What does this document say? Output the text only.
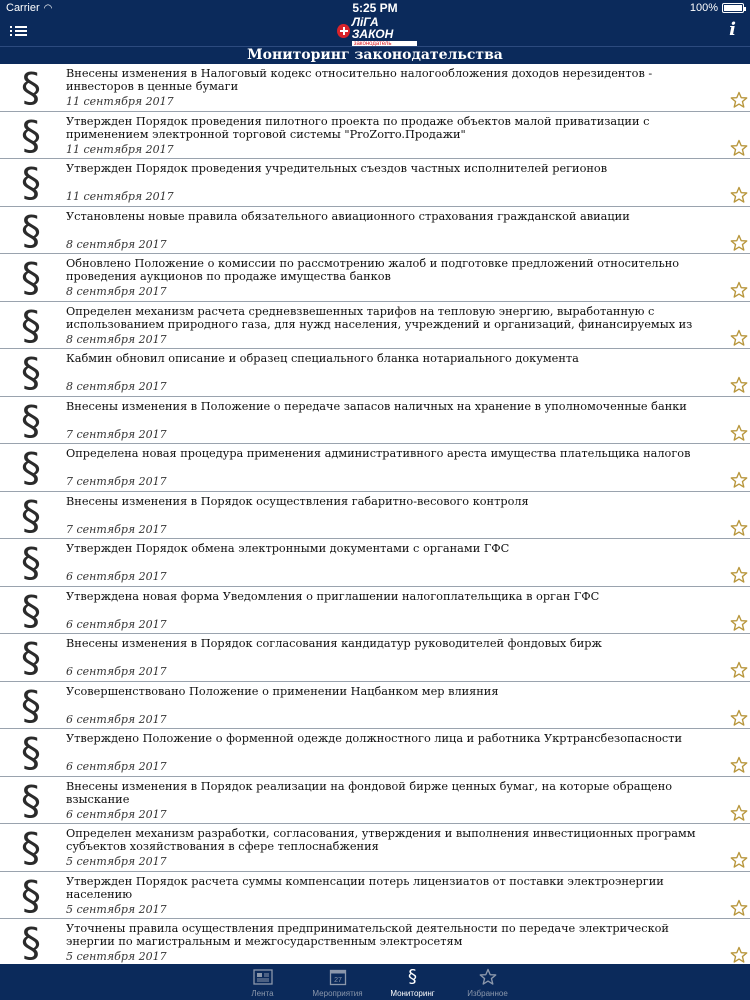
Carrier ◠	5:25 PM	100%
ЛіГА ЗАКОН
законодатель
i
Мониторинг законодательства
§	Внесены изменения в Налоговый кодекс относительно налогообложения доходов нерезидентов - инвесторов в ценные бумаги
11 сентября 2017
§	Утвержден Порядок проведения пилотного проекта по продаже объектов малой приватизации с применением электронной торговой системы "ProZorro.Продажи"
11 сентября 2017
§	Утвержден Порядок проведения учредительных съездов частных исполнителей регионов
11 сентября 2017
§	Установлены новые правила обязательного авиационного страхования гражданской авиации
8 сентября 2017
§	Обновлено Положение о комиссии по рассмотрению жалоб и подготовке предложений относительно проведения аукционов по продаже имущества банков
8 сентября 2017
§	Определен механизм расчета средневзвешенных тарифов на тепловую энергию, выработанную с использованием природного газа, для нужд населения, учреждений и организаций, финансируемых из
8 сентября 2017
§	Кабмин обновил описание и образец специального бланка нотариального документа
8 сентября 2017
§	Внесены изменения в Положение о передаче запасов наличных на хранение в уполномоченные банки
7 сентября 2017
§	Определена новая процедура применения административного ареста имущества плательщика налогов
7 сентября 2017
§	Внесены изменения в Порядок осуществления габаритно-весового контроля
7 сентября 2017
§	Утвержден Порядок обмена электронными документами с органами ГФС
6 сентября 2017
§	Утверждена новая форма Уведомления о приглашении налогоплательщика в орган ГФС
6 сентября 2017
§	Внесены изменения в Порядок согласования кандидатур руководителей фондовых бирж
6 сентября 2017
§	Усовершенствовано Положение о применении Нацбанком мер влияния
6 сентября 2017
§	Утверждено Положение о форменной одежде должностного лица и работника Укртрансбезопасности
6 сентября 2017
§	Внесены изменения в Порядок реализации на фондовой бирже ценных бумаг, на которые обращено взыскание
6 сентября 2017
§	Определен механизм разработки, согласования, утверждения и выполнения инвестиционных программ субъектов хозяйствования в сфере теплоснабжения
5 сентября 2017
§	Утвержден Порядок расчета суммы компенсации потерь лицензиатов от поставки электроэнергии населению
5 сентября 2017
§	Уточнены правила осуществления предпринимательской деятельности по передаче электрической энергии по магистральным и межгосударственным электросетям
5 сентября 2017
Лента
27
Мероприятия
§
Мониторинг	Избранное
